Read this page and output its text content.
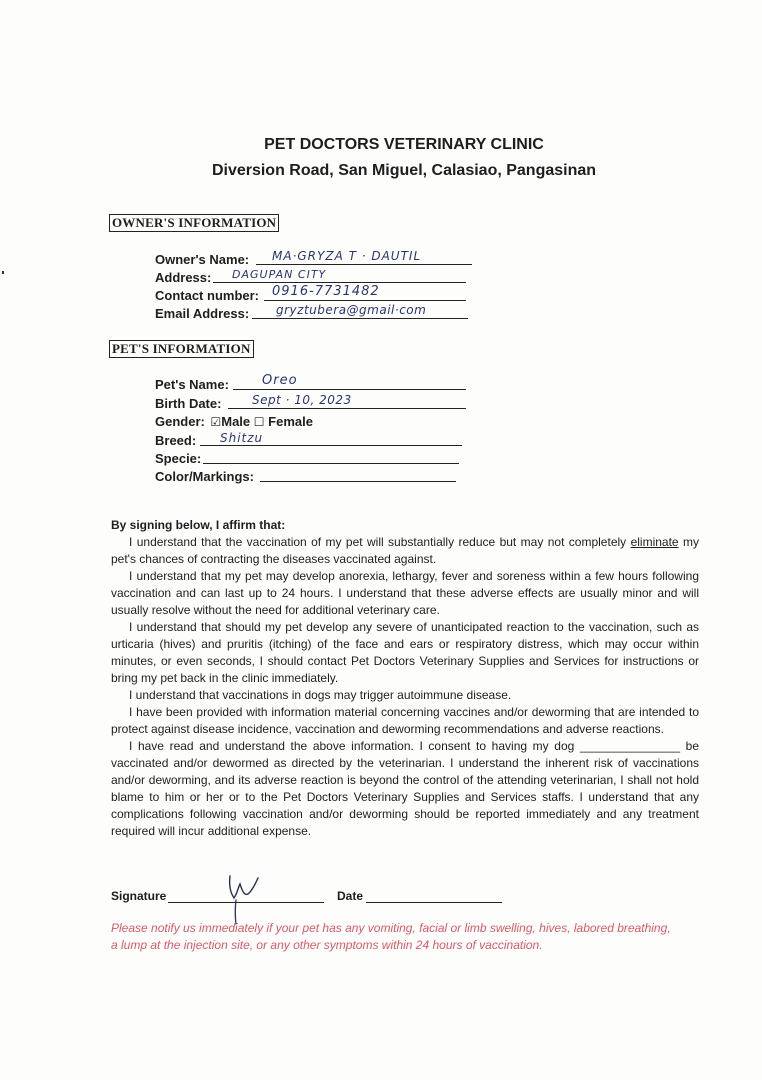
PET DOCTORS VETERINARY CLINIC
Diversion Road, San Miguel, Calasiao, Pangasinan
OWNER'S INFORMATION
Owner's Name: MA·GRYZA T · DAUTIL
Address: DAGUPAN CITY
Contact number: 0916-7731482
Email Address: gryztubera@gmail·com
PET'S INFORMATION
Pet's Name:	Oreo
Birth Date:	Sept · 10, 2023
Gender: ☑Male ☐ Female
Breed: Shitzu
Specie:
Color/Markings:

By signing below, I affirm that:

I understand that the vaccination of my pet will substantially reduce but may not completely eliminate my pet's chances of contracting the diseases vaccinated against.

I understand that my pet may develop anorexia, lethargy, fever and soreness within a few hours following vaccination and can last up to 24 hours. I understand that these adverse effects are usually minor and will usually resolve without the need for additional veterinary care.

I understand that should my pet develop any severe of unanticipated reaction to the vaccination, such as urticaria (hives) and pruritis (itching) of the face and ears or respiratory distress, which may occur within minutes, or even seconds, I should contact Pet Doctors Veterinary Supplies and Services for instructions or bring my pet back in the clinic immediately.

I understand that vaccinations in dogs may trigger autoimmune disease.

I have been provided with information material concerning vaccines and/or deworming that are intended to protect against disease incidence, vaccination and deworming recommendations and adverse reactions.

I have read and understand the above information. I consent to having my dog _______________ be vaccinated and/or dewormed as directed by the veterinarian. I understand the inherent risk of vaccinations and/or deworming, and its adverse reaction is beyond the control of the attending veterinarian, I shall not hold blame to him or her or to the Pet Doctors Veterinary Supplies and Services staffs. I understand that any complications following vaccination and/or deworming should be reported immediately and any treatment required will incur additional expense.

Signature	Date
Please notify us immediately if your pet has any vomiting, facial or limb swelling, hives, labored breathing, a lump at the injection site, or any other symptoms within 24 hours of vaccination.
